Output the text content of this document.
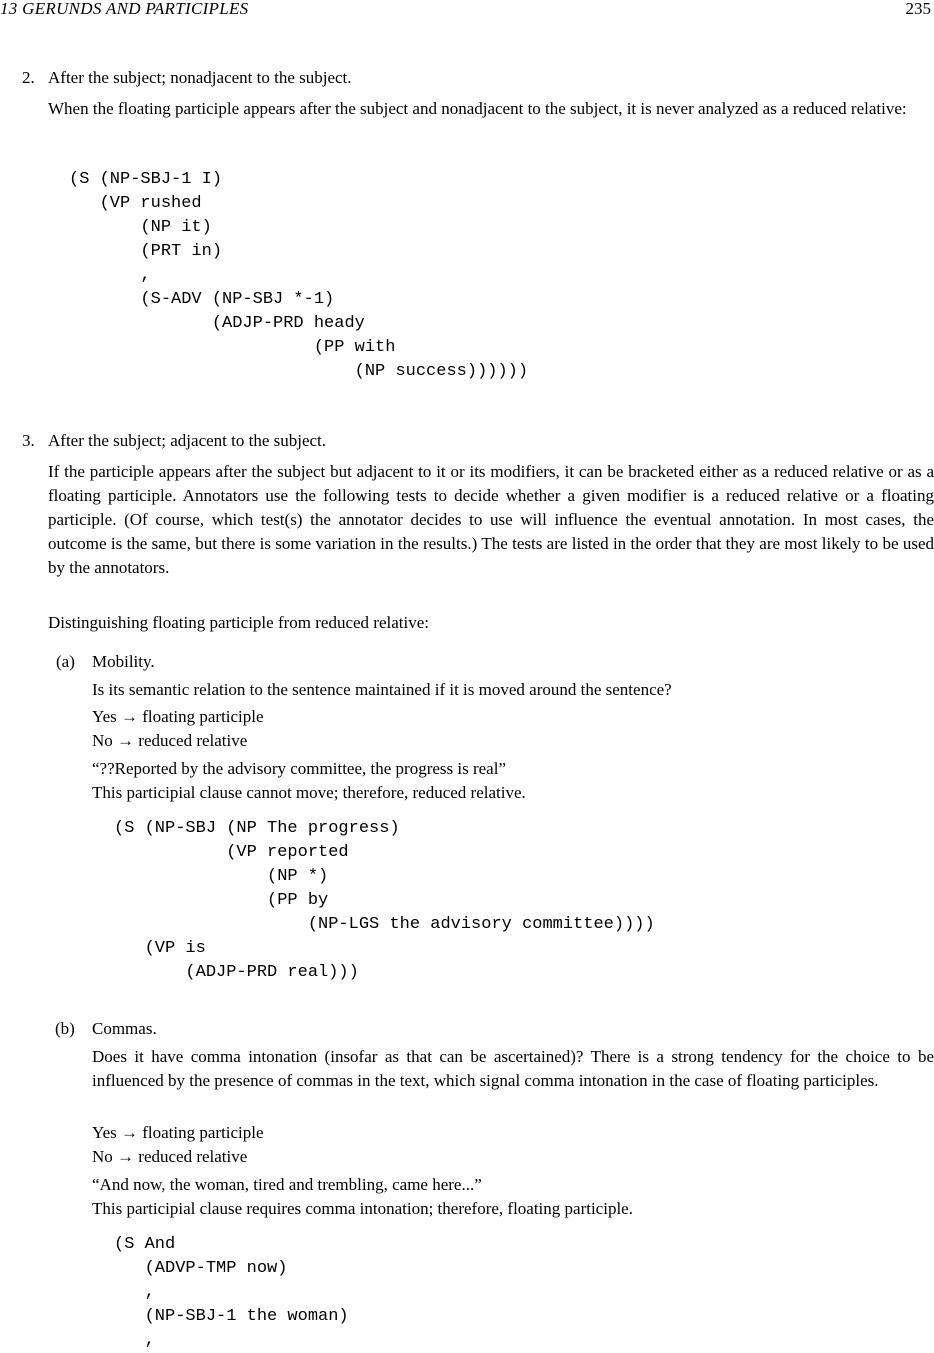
13 GERUNDS AND PARTICIPLES	235
2. After the subject; nonadjacent to the subject.
When the floating participle appears after the subject and nonadjacent to the subject, it is never analyzed as a reduced relative:
(S (NP-SBJ-1 I)
(VP rushed
(NP it)
(PRT in)
,
(S-ADV (NP-SBJ *-1)
(ADJP-PRD heady
(PP with
(NP success))))))
3. After the subject; adjacent to the subject.
If the participle appears after the subject but adjacent to it or its modifiers, it can be bracketed either as a reduced relative or as a floating participle. Annotators use the following tests to decide whether a given modifier is a reduced relative or a floating participle. (Of course, which test(s) the annotator decides to use will influence the eventual annotation. In most cases, the outcome is the same, but there is some variation in the results.) The tests are listed in the order that they are most likely to be used by the annotators.
Distinguishing floating participle from reduced relative:
(a) Mobility.
Is its semantic relation to the sentence maintained if it is moved around the sentence?
Yes → floating participle
No → reduced relative
“??Reported by the advisory committee, the progress is real”
This participial clause cannot move; therefore, reduced relative.
(S (NP-SBJ (NP The progress)
(VP reported
(NP *)
(PP by
(NP-LGS the advisory committee))))
(VP is
(ADJP-PRD real)))
(b) Commas.
Does it have comma intonation (insofar as that can be ascertained)? There is a strong tendency for the choice to be influenced by the presence of commas in the text, which signal comma intonation in the case of floating participles.
Yes → floating participle
No → reduced relative
“And now, the woman, tired and trembling, came here...”
This participial clause requires comma intonation; therefore, floating participle.
(S And
(ADVP-TMP now)
,
(NP-SBJ-1 the woman)
,
